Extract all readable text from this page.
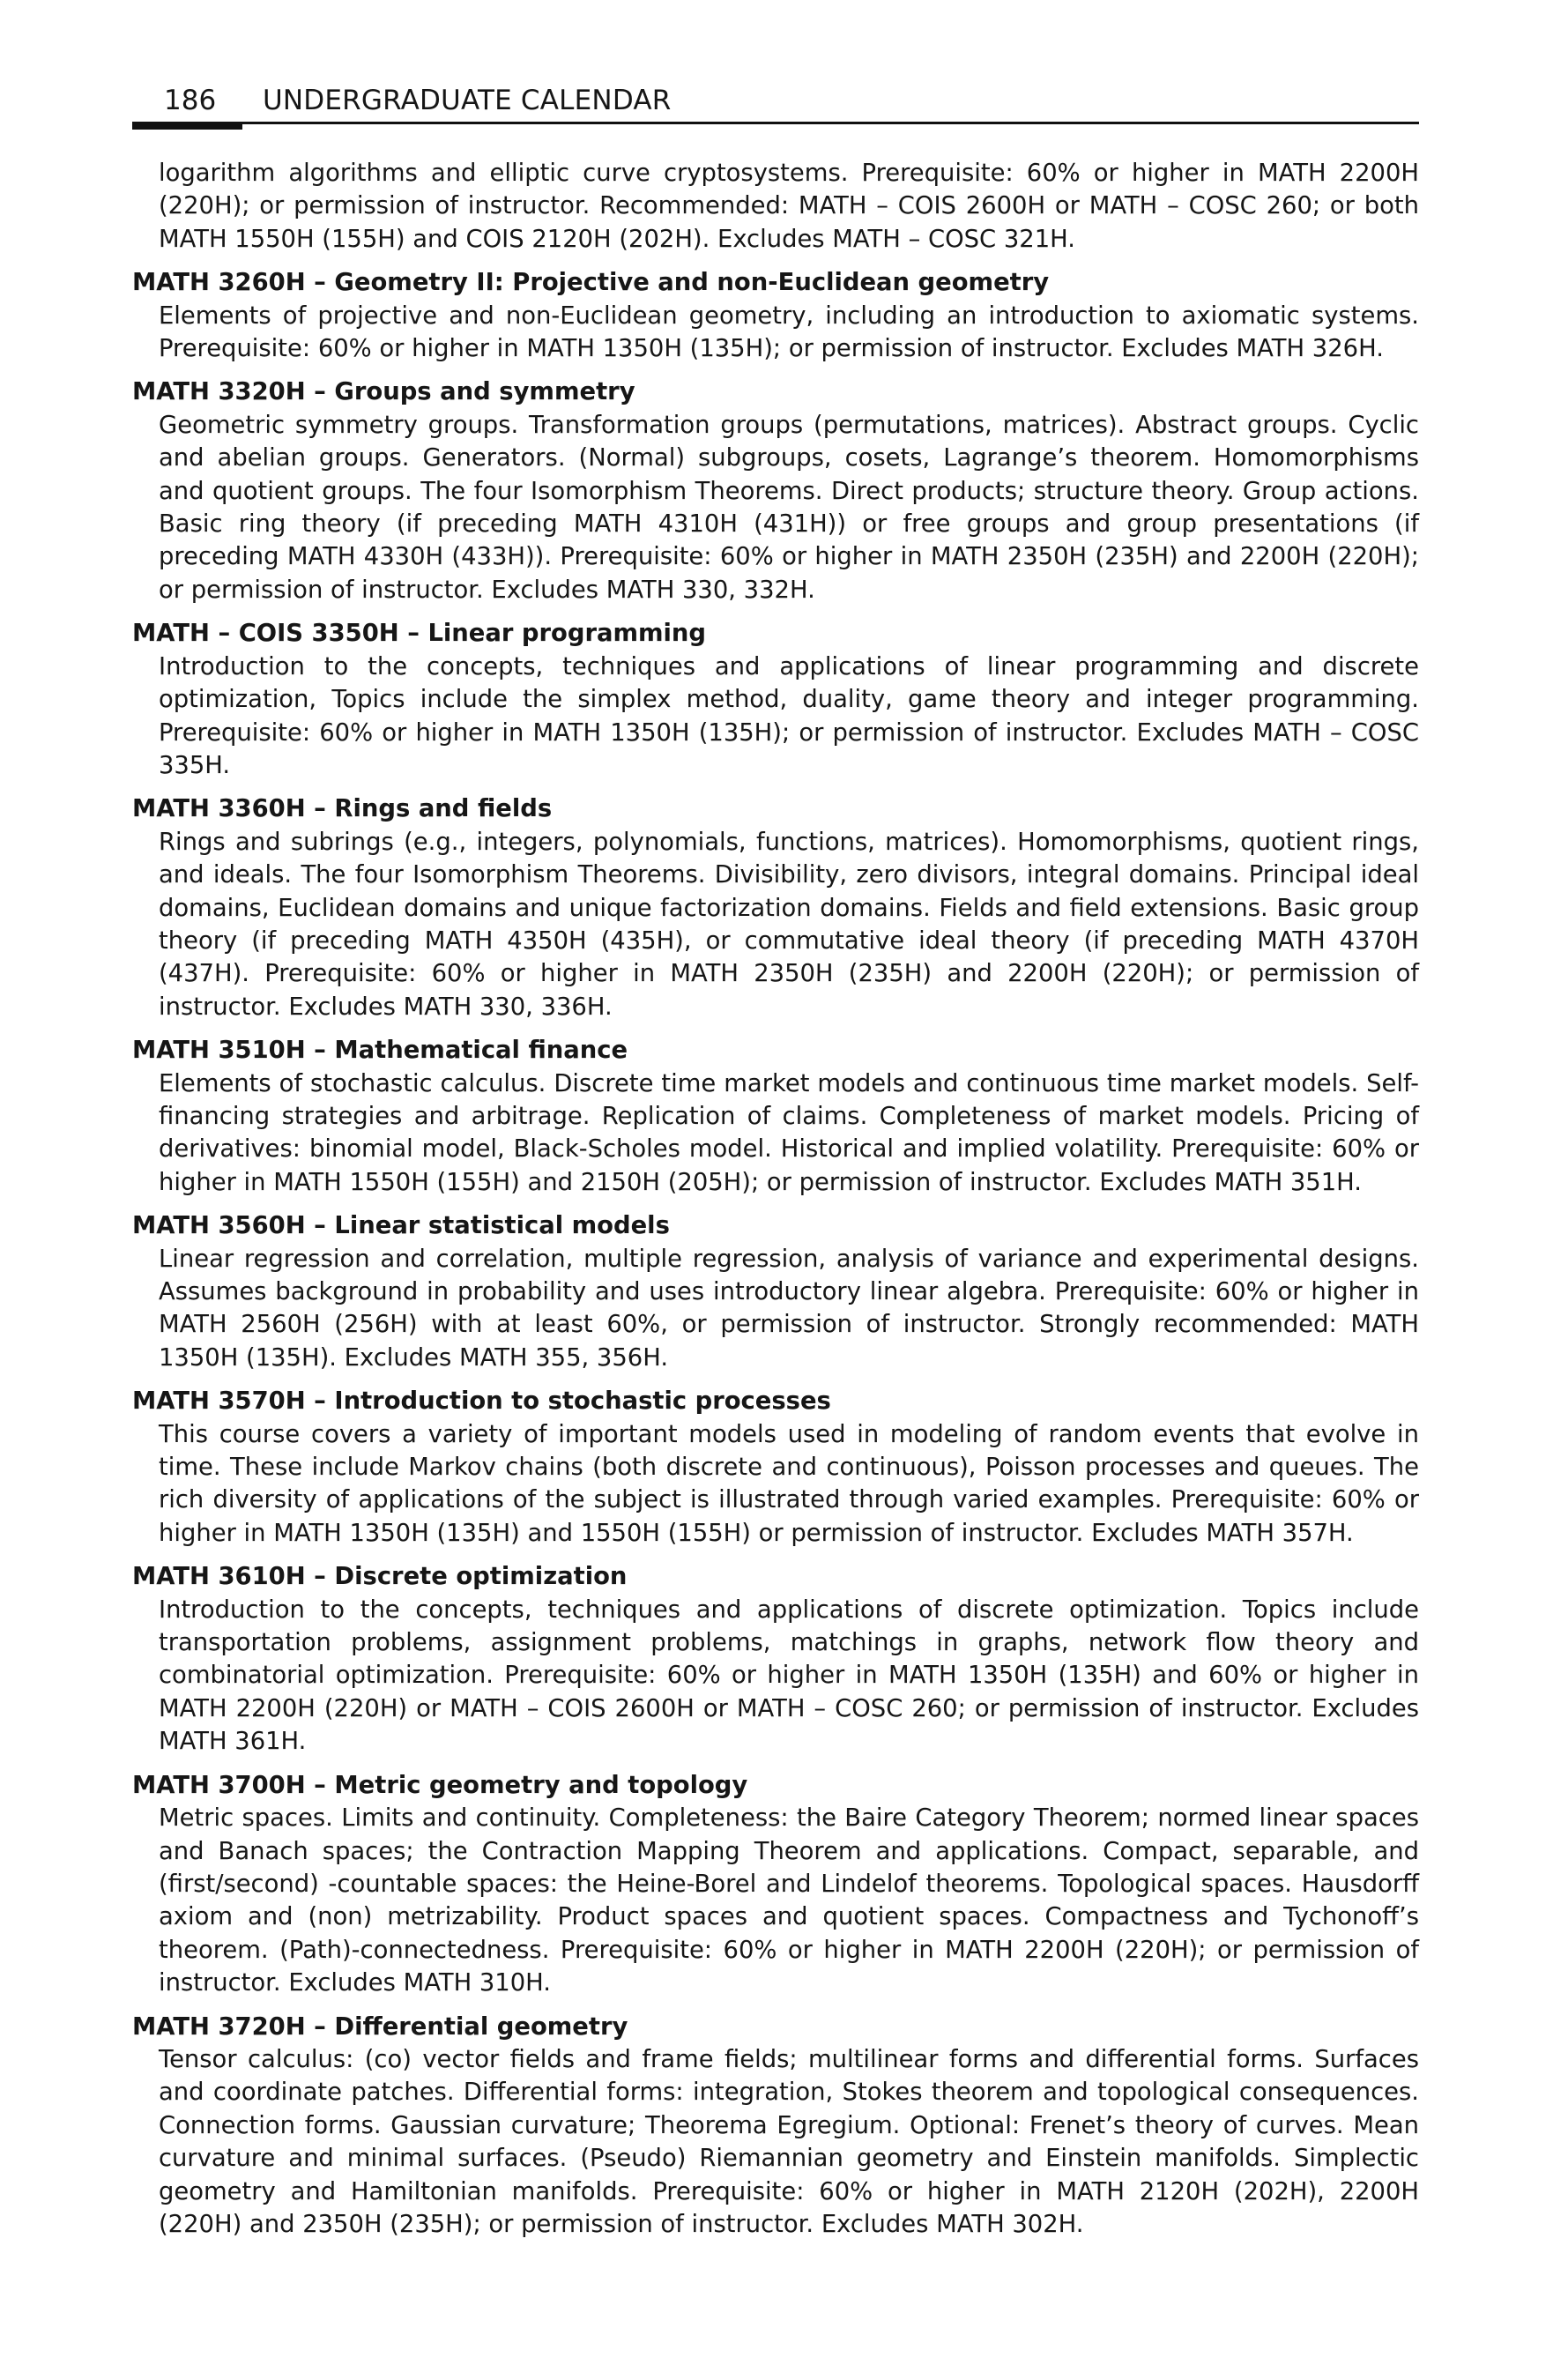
186 UNDERGRADUATE CALENDAR

logarithm algorithms and elliptic curve cryptosystems. Prerequisite: 60% or higher in MATH 2200H (220H); or permission of instructor. Recommended: MATH – COIS 2600H or MATH – COSC 260; or both MATH 1550H (155H) and COIS 2120H (202H). Excludes MATH – COSC 321H.

MATH 3260H – Geometry II: Projective and non-Euclidean geometry

Elements of projective and non-Euclidean geometry, including an introduction to axiomatic systems. Prerequisite: 60% or higher in MATH 1350H (135H); or permission of instructor. Excludes MATH 326H.

MATH 3320H – Groups and symmetry

Geometric symmetry groups. Transformation groups (permutations, matrices). Abstract groups. Cyclic and abelian groups. Generators. (Normal) subgroups, cosets, Lagrange’s theorem. Homomorphisms and quotient groups. The four Isomorphism Theorems. Direct products; structure theory. Group actions. Basic ring theory (if preceding MATH 4310H (431H)) or free groups and group presentations (if preceding MATH 4330H (433H)). Prerequisite: 60% or higher in MATH 2350H (235H) and 2200H (220H); or permission of instructor. Excludes MATH 330, 332H.

MATH – COIS 3350H – Linear programming

Introduction to the concepts, techniques and applications of linear programming and discrete optimization, Topics include the simplex method, duality, game theory and integer programming. Prerequisite: 60% or higher in MATH 1350H (135H); or permission of instructor. Excludes MATH – COSC 335H.

MATH 3360H – Rings and fields

Rings and subrings (e.g., integers, polynomials, functions, matrices). Homomorphisms, quotient rings, and ideals. The four Isomorphism Theorems. Divisibility, zero divisors, integral domains. Principal ideal domains, Euclidean domains and unique factorization domains. Fields and field extensions. Basic group theory (if preceding MATH 4350H (435H), or commutative ideal theory (if preceding MATH 4370H (437H). Prerequisite: 60% or higher in MATH 2350H (235H) and 2200H (220H); or permission of instructor. Excludes MATH 330, 336H.

MATH 3510H – Mathematical finance

Elements of stochastic calculus. Discrete time market models and continuous time market models. Self-financing strategies and arbitrage. Replication of claims. Completeness of market models. Pricing of derivatives: binomial model, Black-Scholes model. Historical and implied volatility. Prerequisite: 60% or higher in MATH 1550H (155H) and 2150H (205H); or permission of instructor. Excludes MATH 351H.

MATH 3560H – Linear statistical models

Linear regression and correlation, multiple regression, analysis of variance and experimental designs. Assumes background in probability and uses introductory linear algebra. Prerequisite: 60% or higher in MATH 2560H (256H) with at least 60%, or permission of instructor. Strongly recommended: MATH 1350H (135H). Excludes MATH 355, 356H.

MATH 3570H – Introduction to stochastic processes

This course covers a variety of important models used in modeling of random events that evolve in time. These include Markov chains (both discrete and continuous), Poisson processes and queues. The rich diversity of applications of the subject is illustrated through varied examples. Prerequisite: 60% or higher in MATH 1350H (135H) and 1550H (155H) or permission of instructor. Excludes MATH 357H.

MATH 3610H – Discrete optimization

Introduction to the concepts, techniques and applications of discrete optimization. Topics include transportation problems, assignment problems, matchings in graphs, network flow theory and combinatorial optimization. Prerequisite: 60% or higher in MATH 1350H (135H) and 60% or higher in MATH 2200H (220H) or MATH – COIS 2600H or MATH – COSC 260; or permission of instructor. Excludes MATH 361H.

MATH 3700H – Metric geometry and topology

Metric spaces. Limits and continuity. Completeness: the Baire Category Theorem; normed linear spaces and Banach spaces; the Contraction Mapping Theorem and applications. Compact, separable, and (first/second) -countable spaces: the Heine-Borel and Lindelof theorems. Topological spaces. Hausdorff axiom and (non) metrizability. Product spaces and quotient spaces. Compactness and Tychonoff’s theorem. (Path)-connectedness. Prerequisite: 60% or higher in MATH 2200H (220H); or permission of instructor. Excludes MATH 310H.

MATH 3720H – Differential geometry

Tensor calculus: (co) vector fields and frame fields; multilinear forms and differential forms. Surfaces and coordinate patches. Differential forms: integration, Stokes theorem and topological consequences. Connection forms. Gaussian curvature; Theorema Egregium. Optional: Frenet’s theory of curves. Mean curvature and minimal surfaces. (Pseudo) Riemannian geometry and Einstein manifolds. Simplectic geometry and Hamiltonian manifolds. Prerequisite: 60% or higher in MATH 2120H (202H), 2200H (220H) and 2350H (235H); or permission of instructor. Excludes MATH 302H.
